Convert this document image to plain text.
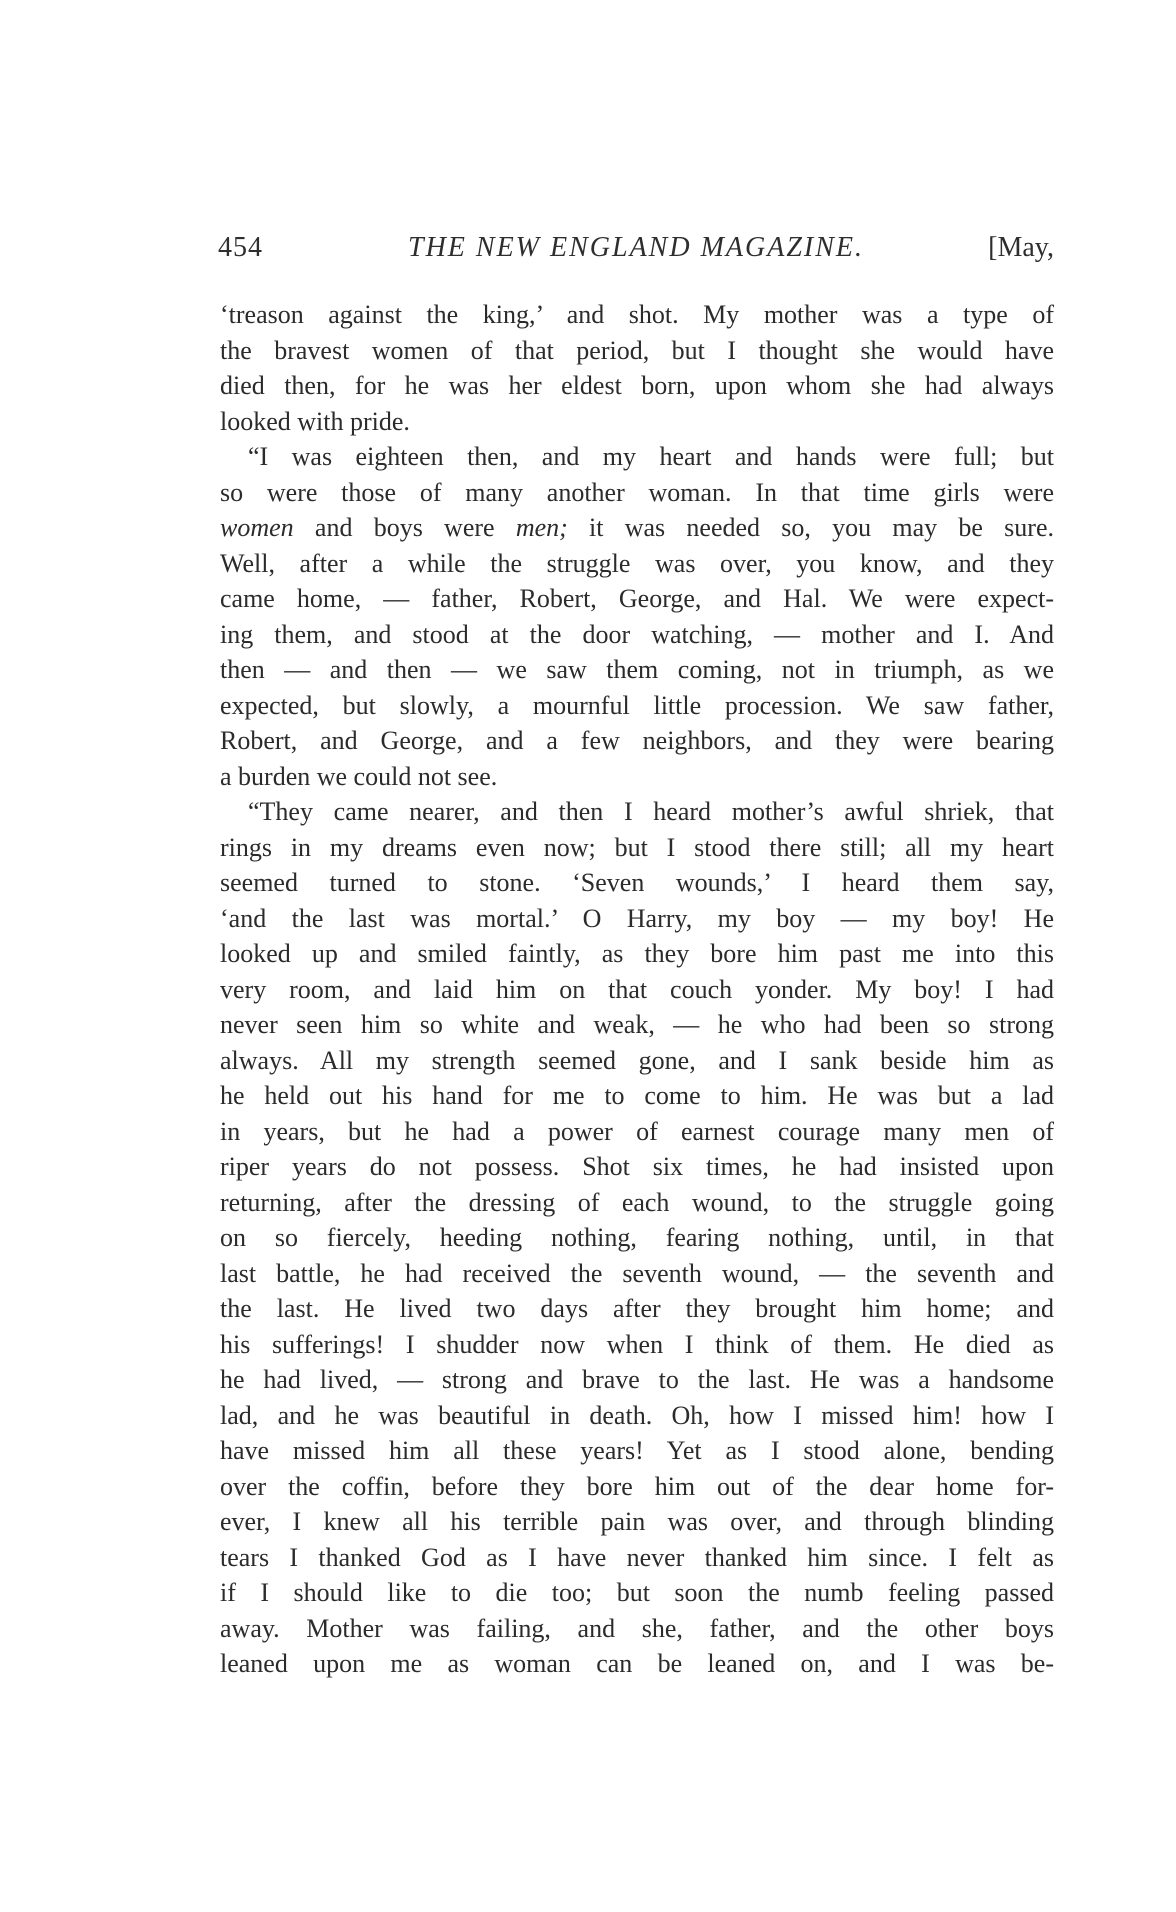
454	THE NEW ENGLAND MAGAZINE.	[May,
‘treason against the king,’ and shot. My mother was a type of
the bravest women of that period, but I thought she would have
died then, for he was her eldest born, upon whom she had always
looked with pride.
“I was eighteen then, and my heart and hands were full; but
so were those of many another woman. In that time girls were
women and boys were men; it was needed so, you may be sure.
Well, after a while the struggle was over, you know, and they
came home, — father, Robert, George, and Hal. We were expect-
ing them, and stood at the door watching, — mother and I. And
then — and then — we saw them coming, not in triumph, as we
expected, but slowly, a mournful little procession. We saw father,
Robert, and George, and a few neighbors, and they were bearing
a burden we could not see.
“They came nearer, and then I heard mother’s awful shriek, that
rings in my dreams even now; but I stood there still; all my heart
seemed turned to stone. ‘Seven wounds,’ I heard them say,
‘and the last was mortal.’ O Harry, my boy — my boy! He
looked up and smiled faintly, as they bore him past me into this
very room, and laid him on that couch yonder. My boy! I had
never seen him so white and weak, — he who had been so strong
always. All my strength seemed gone, and I sank beside him as
he held out his hand for me to come to him. He was but a lad
in years, but he had a power of earnest courage many men of
riper years do not possess. Shot six times, he had insisted upon
returning, after the dressing of each wound, to the struggle going
on so fiercely, heeding nothing, fearing nothing, until, in that
last battle, he had received the seventh wound, — the seventh and
the last. He lived two days after they brought him home; and
his sufferings! I shudder now when I think of them. He died as
he had lived, — strong and brave to the last. He was a handsome
lad, and he was beautiful in death. Oh, how I missed him! how I
have missed him all these years! Yet as I stood alone, bending
over the coffin, before they bore him out of the dear home for-
ever, I knew all his terrible pain was over, and through blinding
tears I thanked God as I have never thanked him since. I felt as
if I should like to die too; but soon the numb feeling passed
away. Mother was failing, and she, father, and the other boys
leaned upon me as woman can be leaned on, and I was be-
